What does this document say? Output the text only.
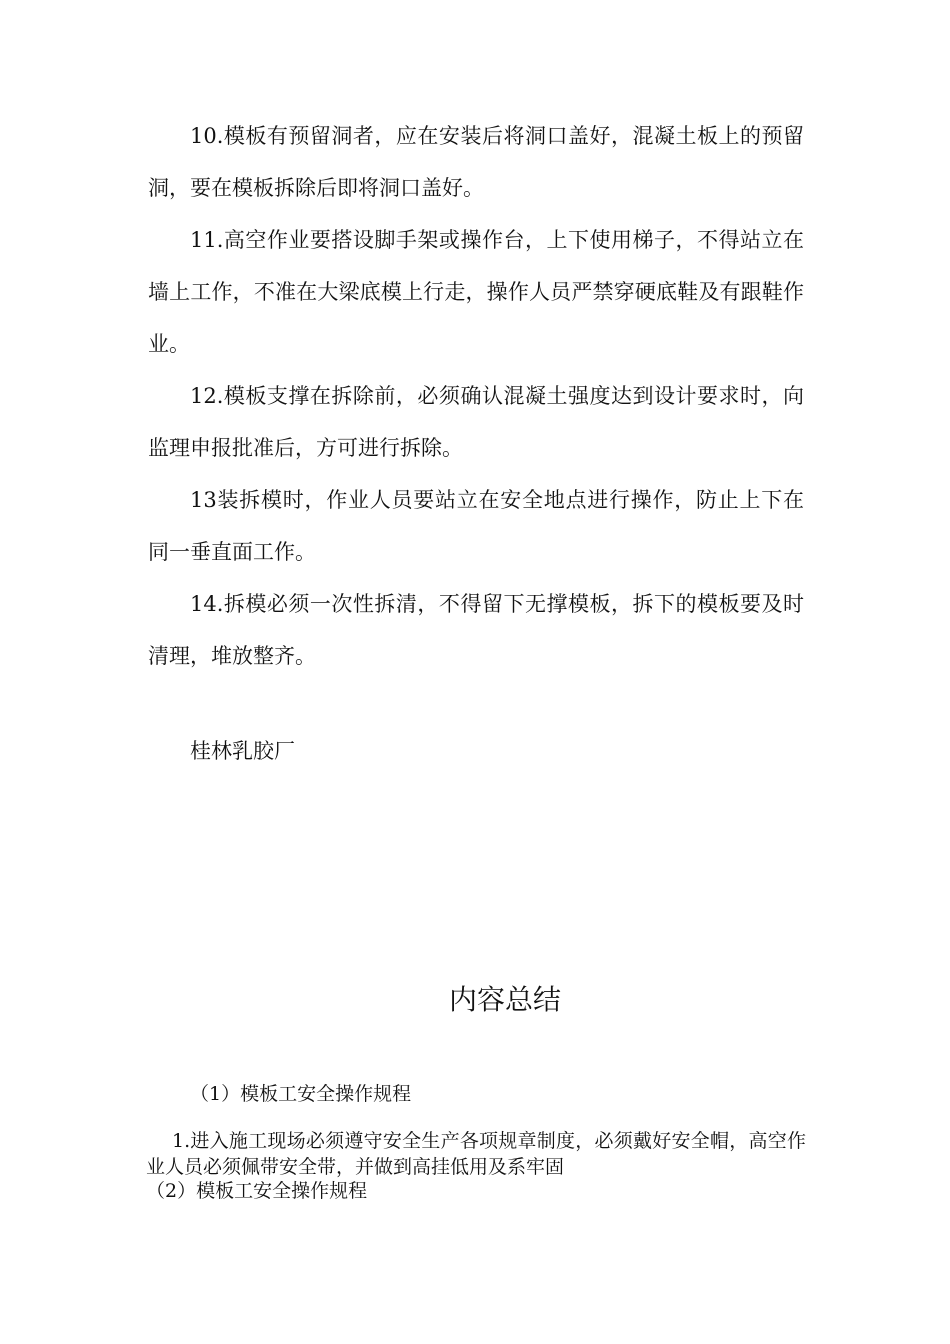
10.模板有预留洞者，应在安装后将洞口盖好，混凝土板上的预留洞，要在模板拆除后即将洞口盖好。

11.高空作业要搭设脚手架或操作台，上下使用梯子，不得站立在墙上工作，不准在大梁底模上行走，操作人员严禁穿硬底鞋及有跟鞋作业。

12.模板支撑在拆除前，必须确认混凝土强度达到设计要求时，向监理申报批准后，方可进行拆除。

13装拆模时，作业人员要站立在安全地点进行操作，防止上下在同一垂直面工作。

14.拆模必须一次性拆清，不得留下无撑模板，拆下的模板要及时清理，堆放整齐。

桂林乳胶厂
内容总结
（1）模板工安全操作规程

1.进入施工现场必须遵守安全生产各项规章制度，必须戴好安全帽，高空作业人员必须佩带安全带，并做到高挂低用及系牢固

（2）模板工安全操作规程
